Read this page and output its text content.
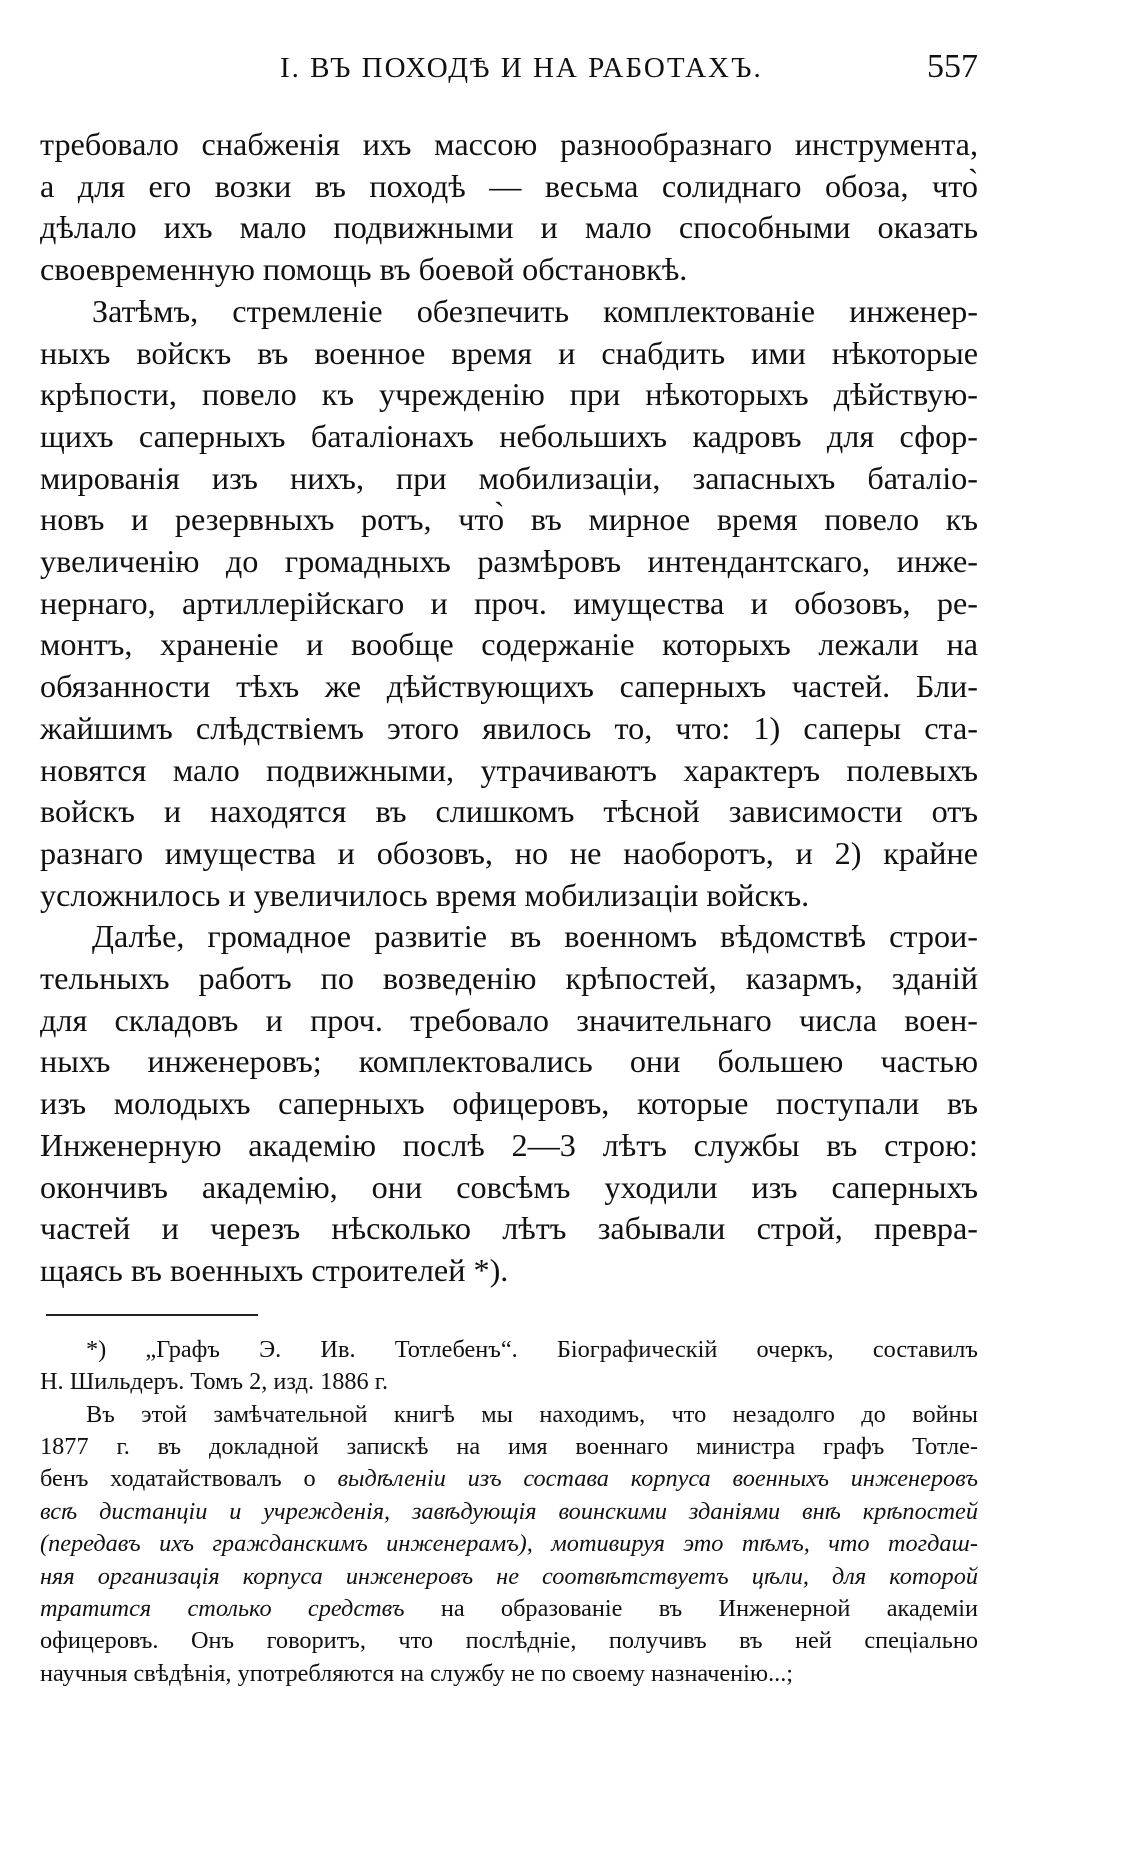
I. ВЪ ПОХОДѢ И НА РАБОТАХЪ.	557

требовало снабженія ихъ массою разнообразнаго инструмента,
а для его возки въ походѣ — весьма солиднаго обоза, что̀
дѣлало ихъ мало подвижными и мало способными оказать
своевременную помощь въ боевой обстановкѣ.

Затѣмъ, стремленіе обезпечить комплектованіе инженер-
ныхъ войскъ въ военное время и снабдить ими нѣкоторые
крѣпости, повело къ учрежденію при нѣкоторыхъ дѣйствую-
щихъ саперныхъ баталіонахъ небольшихъ кадровъ для сфор-
мированія изъ нихъ, при мобилизаціи, запасныхъ баталіо-
новъ и резервныхъ ротъ, что̀ въ мирное время повело къ
увеличенію до громадныхъ размѣровъ интендантскаго, инже-
нернаго, артиллерійскаго и проч. имущества и обозовъ, ре-
монтъ, храненіе и вообще содержаніе которыхъ лежали на
обязанности тѣхъ же дѣйствующихъ саперныхъ частей. Бли-
жайшимъ слѣдствіемъ этого явилось то, что: 1) саперы ста-
новятся мало подвижными, утрачиваютъ характеръ полевыхъ
войскъ и находятся въ слишкомъ тѣсной зависимости отъ
разнаго имущества и обозовъ, но не наоборотъ, и 2) крайне
усложнилось и увеличилось время мобилизаціи войскъ.

Далѣе, громадное развитіе въ военномъ вѣдомствѣ строи-
тельныхъ работъ по возведенію крѣпостей, казармъ, зданій
для складовъ и проч. требовало значительнаго числа воен-
ныхъ инженеровъ; комплектовались они большею частью
изъ молодыхъ саперныхъ офицеровъ, которые поступали въ
Инженерную академію послѣ 2—3 лѣтъ службы въ строю:
окончивъ академію, они совсѣмъ уходили изъ саперныхъ
частей и черезъ нѣсколько лѣтъ забывали строй, превра-
щаясь въ военныхъ строителей *).

*) „Графъ Э. Ив. Тотлебенъ“. Біографическій очеркъ, составилъ
Н. Шильдеръ. Томъ 2, изд. 1886 г.

Въ этой замѣчательной книгѣ мы находимъ, что незадолго до войны
1877 г. въ докладной запискѣ на имя военнаго министра графъ Тотле-
бенъ ходатайствовалъ о выдѣленіи изъ состава корпуса военныхъ инженеровъ
всѣ дистанціи и учрежденія, завѣдующія воинскими зданіями внѣ крѣпостей
(передавъ ихъ гражданскимъ инженерамъ), мотивируя это тѣмъ, что тогдаш-
няя организація корпуса инженеровъ не соотвѣтствуетъ цѣли, для которой
тратится столько средствъ на образованіе въ Инженерной академіи
офицеровъ. Онъ говоритъ, что послѣдніе, получивъ въ ней спеціально
научныя свѣдѣнія, употребляются на службу не по своему назначенію...;
